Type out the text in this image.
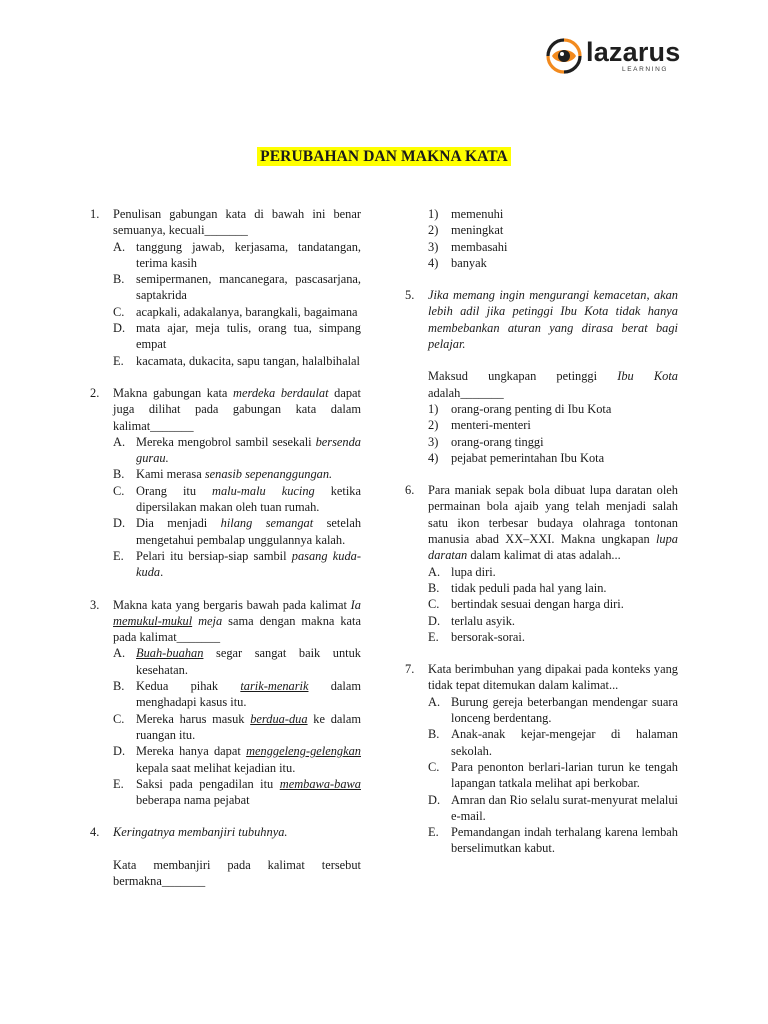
lazarus
LEARNING
PERUBAHAN DAN MAKNA KATA
1. Penulisan gabungan kata di bawah ini benar semuanya, kecuali_______
A. tanggung jawab, kerjasama, tandatangan, terima kasih
B. semipermanen, mancanegara, pascasarjana, saptakrida
C. acapkali, adakalanya, barangkali, bagaimana
D. mata ajar, meja tulis, orang tua, simpang empat
E. kacamata, dukacita, sapu tangan, halalbihalal
2. Makna gabungan kata merdeka berdaulat dapat juga dilihat pada gabungan kata dalam kalimat_______
A. Mereka mengobrol sambil sesekali bersenda gurau.
B. Kami merasa senasib sepenanggungan.
C. Orang itu malu-malu kucing ketika dipersilakan makan oleh tuan rumah.
D. Dia menjadi hilang semangat setelah mengetahui pembalap unggulannya kalah.
E. Pelari itu bersiap-siap sambil pasang kuda-kuda.
3. Makna kata yang bergaris bawah pada kalimat Ia memukul-mukul meja sama dengan makna kata pada kalimat_______
A. Buah-buahan segar sangat baik untuk kesehatan.
B. Kedua pihak tarik-menarik dalam menghadapi kasus itu.
C. Mereka harus masuk berdua-dua ke dalam ruangan itu.
D. Mereka hanya dapat menggeleng-gelengkan kepala saat melihat kejadian itu.
E. Saksi pada pengadilan itu membawa-bawa beberapa nama pejabat
4. Keringatnya membanjiri tubuhnya.
Kata membanjiri pada kalimat tersebut bermakna_______
1) memenuhi
2) meningkat
3) membasahi
4) banyak
5. Jika memang ingin mengurangi kemacetan, akan lebih adil jika petinggi Ibu Kota tidak hanya membebankan aturan yang dirasa berat bagi pelajar.
Maksud ungkapan petinggi Ibu Kota adalah_______
1) orang-orang penting di Ibu Kota
2) menteri-menteri
3) orang-orang tinggi
4) pejabat pemerintahan Ibu Kota
6. Para maniak sepak bola dibuat lupa daratan oleh permainan bola ajaib yang telah menjadi salah satu ikon terbesar budaya olahraga tontonan manusia abad XX–XXI. Makna ungkapan lupa daratan dalam kalimat di atas adalah...
A. lupa diri.
B. tidak peduli pada hal yang lain.
C. bertindak sesuai dengan harga diri.
D. terlalu asyik.
E. bersorak-sorai.
7. Kata berimbuhan yang dipakai pada konteks yang tidak tepat ditemukan dalam kalimat...
A. Burung gereja beterbangan mendengar suara lonceng berdentang.
B. Anak-anak kejar-mengejar di halaman sekolah.
C. Para penonton berlari-larian turun ke tengah lapangan tatkala melihat api berkobar.
D. Amran dan Rio selalu surat-menyurat melalui e-mail.
E. Pemandangan indah terhalang karena lembah berselimutkan kabut.
